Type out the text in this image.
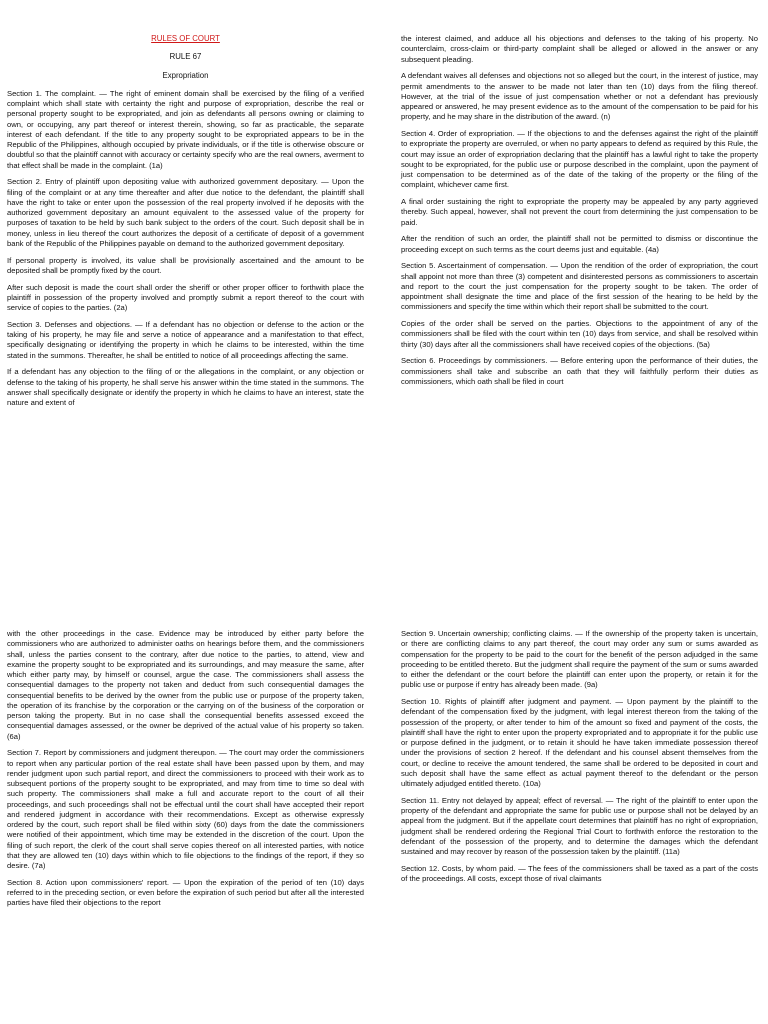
RULES OF COURT
RULE 67
Expropriation

Section 1. The complaint. — The right of eminent domain shall be exercised by the filing of a verified complaint which shall state with certainty the right and purpose of expropriation, describe the real or personal property sought to be expropriated, and join as defendants all persons owning or claiming to own, or occupying, any part thereof or interest therein, showing, so far as practicable, the separate interest of each defendant. If the title to any property sought to be expropriated appears to be in the Republic of the Philippines, although occupied by private individuals, or if the title is otherwise obscure or doubtful so that the plaintiff cannot with accuracy or certainty specify who are the real owners, averment to that effect shall be made in the complaint. (1a)

Section 2. Entry of plaintiff upon depositing value with authorized government depositary. — Upon the filing of the complaint or at any time thereafter and after due notice to the defendant, the plaintiff shall have the right to take or enter upon the possession of the real property involved if he deposits with the authorized government depositary an amount equivalent to the assessed value of the property for purposes of taxation to be held by such bank subject to the orders of the court. Such deposit shall be in money, unless in lieu thereof the court authorizes the deposit of a certificate of deposit of a government bank of the Republic of the Philippines payable on demand to the authorized government depositary.

If personal property is involved, its value shall be provisionally ascertained and the amount to be deposited shall be promptly fixed by the court.

After such deposit is made the court shall order the sheriff or other proper officer to forthwith place the plaintiff in possession of the property involved and promptly submit a report thereof to the court with service of copies to the parties. (2a)

Section 3. Defenses and objections. — If a defendant has no objection or defense to the action or the taking of his property, he may file and serve a notice of appearance and a manifestation to that effect, specifically designating or identifying the property in which he claims to be interested, within the time stated in the summons. Thereafter, he shall be entitled to notice of all proceedings affecting the same.

If a defendant has any objection to the filing of or the allegations in the complaint, or any objection or defense to the taking of his property, he shall serve his answer within the time stated in the summons. The answer shall specifically designate or identify the property in which he claims to have an interest, state the nature and extent of

the interest claimed, and adduce all his objections and defenses to the taking of his property. No counterclaim, cross-claim or third-party complaint shall be alleged or allowed in the answer or any subsequent pleading.

A defendant waives all defenses and objections not so alleged but the court, in the interest of justice, may permit amendments to the answer to be made not later than ten (10) days from the filing thereof. However, at the trial of the issue of just compensation whether or not a defendant has previously appeared or answered, he may present evidence as to the amount of the compensation to be paid for his property, and he may share in the distribution of the award. (n)

Section 4. Order of expropriation. — If the objections to and the defenses against the right of the plaintiff to expropriate the property are overruled, or when no party appears to defend as required by this Rule, the court may issue an order of expropriation declaring that the plaintiff has a lawful right to take the property sought to be expropriated, for the public use or purpose described in the complaint, upon the payment of just compensation to be determined as of the date of the taking of the property or the filing of the complaint, whichever came first.

A final order sustaining the right to expropriate the property may be appealed by any party aggrieved thereby. Such appeal, however, shall not prevent the court from determining the just compensation to be paid.

After the rendition of such an order, the plaintiff shall not be permitted to dismiss or discontinue the proceeding except on such terms as the court deems just and equitable. (4a)

Section 5. Ascertainment of compensation. — Upon the rendition of the order of expropriation, the court shall appoint not more than three (3) competent and disinterested persons as commissioners to ascertain and report to the court the just compensation for the property sought to be taken. The order of appointment shall designate the time and place of the first session of the hearing to be held by the commissioners and specify the time within which their report shall be submitted to the court.

Copies of the order shall be served on the parties. Objections to the appointment of any of the commissioners shall be filed with the court within ten (10) days from service, and shall be resolved within thirty (30) days after all the commissioners shall have received copies of the objections. (5a)

Section 6. Proceedings by commissioners. — Before entering upon the performance of their duties, the commissioners shall take and subscribe an oath that they will faithfully perform their duties as commissioners, which oath shall be filed in court

with the other proceedings in the case. Evidence may be introduced by either party before the commissioners who are authorized to administer oaths on hearings before them, and the commissioners shall, unless the parties consent to the contrary, after due notice to the parties, to attend, view and examine the property sought to be expropriated and its surroundings, and may measure the same, after which either party may, by himself or counsel, argue the case. The commissioners shall assess the consequential damages to the property not taken and deduct from such consequential damages the consequential benefits to be derived by the owner from the public use or purpose of the property taken, the operation of its franchise by the corporation or the carrying on of the business of the corporation or person taking the property. But in no case shall the consequential benefits assessed exceed the consequential damages assessed, or the owner be deprived of the actual value of his property so taken. (6a)

Section 7. Report by commissioners and judgment thereupon. — The court may order the commissioners to report when any particular portion of the real estate shall have been passed upon by them, and may render judgment upon such partial report, and direct the commissioners to proceed with their work as to subsequent portions of the property sought to be expropriated, and may from time to time so deal with such property. The commissioners shall make a full and accurate report to the court of all their proceedings, and such proceedings shall not be effectual until the court shall have accepted their report and rendered judgment in accordance with their recommendations. Except as otherwise expressly ordered by the court, such report shall be filed within sixty (60) days from the date the commissioners were notified of their appointment, which time may be extended in the discretion of the court. Upon the filing of such report, the clerk of the court shall serve copies thereof on all interested parties, with notice that they are allowed ten (10) days within which to file objections to the findings of the report, if they so desire. (7a)

Section 8. Action upon commissioners' report. — Upon the expiration of the period of ten (10) days referred to in the preceding section, or even before the expiration of such period but after all the interested parties have filed their objections to the report

Section 9. Uncertain ownership; conflicting claims. — If the ownership of the property taken is uncertain, or there are conflicting claims to any part thereof, the court may order any sum or sums awarded as compensation for the property to be paid to the court for the benefit of the person adjudged in the same proceeding to be entitled thereto. But the judgment shall require the payment of the sum or sums awarded to either the defendant or the court before the plaintiff can enter upon the property, or retain it for the public use or purpose if entry has already been made. (9a)

Section 10. Rights of plaintiff after judgment and payment. — Upon payment by the plaintiff to the defendant of the compensation fixed by the judgment, with legal interest thereon from the taking of the possession of the property, or after tender to him of the amount so fixed and payment of the costs, the plaintiff shall have the right to enter upon the property expropriated and to appropriate it for the public use or purpose defined in the judgment, or to retain it should he have taken immediate possession thereof under the provisions of section 2 hereof. If the defendant and his counsel absent themselves from the court, or decline to receive the amount tendered, the same shall be ordered to be deposited in court and such deposit shall have the same effect as actual payment thereof to the defendant or the person ultimately adjudged entitled thereto. (10a)

Section 11. Entry not delayed by appeal; effect of reversal. — The right of the plaintiff to enter upon the property of the defendant and appropriate the same for public use or purpose shall not be delayed by an appeal from the judgment. But if the appellate court determines that plaintiff has no right of expropriation, judgment shall be rendered ordering the Regional Trial Court to forthwith enforce the restoration to the defendant of the possession of the property, and to determine the damages which the defendant sustained and may recover by reason of the possession taken by the plaintiff. (11a)

Section 12. Costs, by whom paid. — The fees of the commissioners shall be taxed as a part of the costs of the proceedings. All costs, except those of rival claimants
